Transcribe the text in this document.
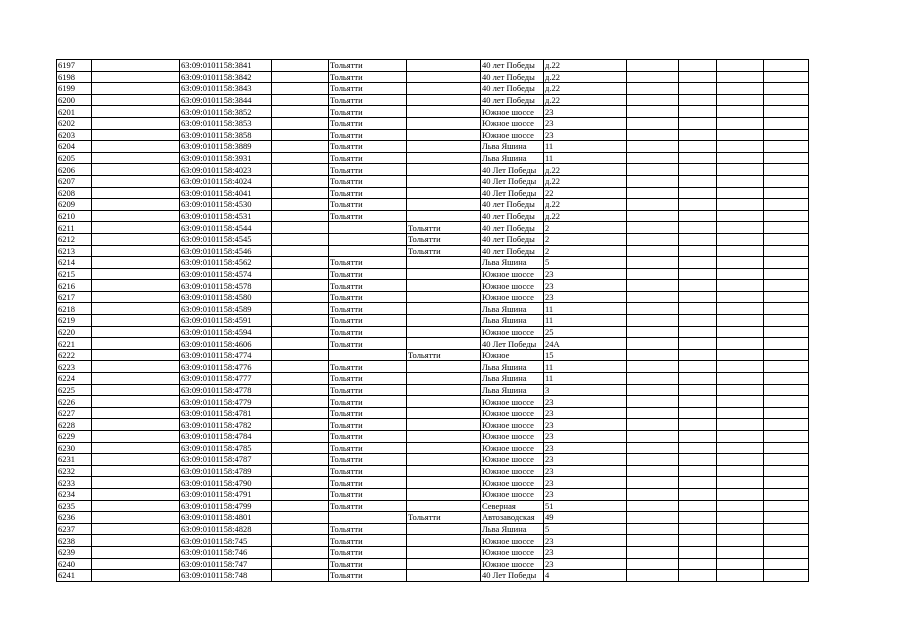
6197		63:09:0101158:3841		Тольятти		40 лет Победы	д.22				
6198		63:09:0101158:3842		Тольятти		40 лет Победы	д.22				
6199		63:09:0101158:3843		Тольятти		40 лет Победы	д.22				
6200		63:09:0101158:3844		Тольятти		40 лет Победы	д.22				
6201		63:09:0101158:3852		Тольятти		Южное шоссе	23				
6202		63:09:0101158:3853		Тольятти		Южное шоссе	23				
6203		63:09:0101158:3858		Тольятти		Южное шоссе	23				
6204		63:09:0101158:3889		Тольятти		Льва Яшина	11				
6205		63:09:0101158:3931		Тольятти		Льва Яшина	11				
6206		63:09:0101158:4023		Тольятти		40 Лет Победы	д.22				
6207		63:09:0101158:4024		Тольятти		40 Лет Победы	д.22				
6208		63:09:0101158:4041		Тольятти		40 Лет Победы	22				
6209		63:09:0101158:4530		Тольятти		40 лет Победы	д.22				
6210		63:09:0101158:4531		Тольятти		40 лет Победы	д.22				
6211		63:09:0101158:4544			Тольятти	40 лет Победы	2				
6212		63:09:0101158:4545			Тольятти	40 лет Победы	2				
6213		63:09:0101158:4546			Тольятти	40 лет Победы	2				
6214		63:09:0101158:4562		Тольятти		Льва Яшина	5				
6215		63:09:0101158:4574		Тольятти		Южное шоссе	23				
6216		63:09:0101158:4578		Тольятти		Южное шоссе	23				
6217		63:09:0101158:4580		Тольятти		Южное шоссе	23				
6218		63:09:0101158:4589		Тольятти		Льва Яшина	11				
6219		63:09:0101158:4591		Тольятти		Льва Яшина	11				
6220		63:09:0101158:4594		Тольятти		Южное шоссе	25				
6221		63:09:0101158:4606		Тольятти		40 Лет Победы	24А				
6222		63:09:0101158:4774			Тольятти	Южное	15				
6223		63:09:0101158:4776		Тольятти		Льва Яшина	11				
6224		63:09:0101158:4777		Тольятти		Льва Яшина	11				
6225		63:09:0101158:4778		Тольятти		Льва Яшина	3				
6226		63:09:0101158:4779		Тольятти		Южное шоссе	23				
6227		63:09:0101158:4781		Тольятти		Южное шоссе	23				
6228		63:09:0101158:4782		Тольятти		Южное шоссе	23				
6229		63:09:0101158:4784		Тольятти		Южное шоссе	23				
6230		63:09:0101158:4785		Тольятти		Южное шоссе	23				
6231		63:09:0101158:4787		Тольятти		Южное шоссе	23				
6232		63:09:0101158:4789		Тольятти		Южное шоссе	23				
6233		63:09:0101158:4790		Тольятти		Южное шоссе	23				
6234		63:09:0101158:4791		Тольятти		Южное шоссе	23				
6235		63:09:0101158:4799		Тольятти		Северная	51				
6236		63:09:0101158:4801			Тольятти	Автозаводская	49				
6237		63:09:0101158:4828		Тольятти		Льва Яшина	5				
6238		63:09:0101158:745		Тольятти		Южное шоссе	23				
6239		63:09:0101158:746		Тольятти		Южное шоссе	23				
6240		63:09:0101158:747		Тольятти		Южное шоссе	23				
6241		63:09:0101158:748		Тольятти		40 Лет Победы	4				
